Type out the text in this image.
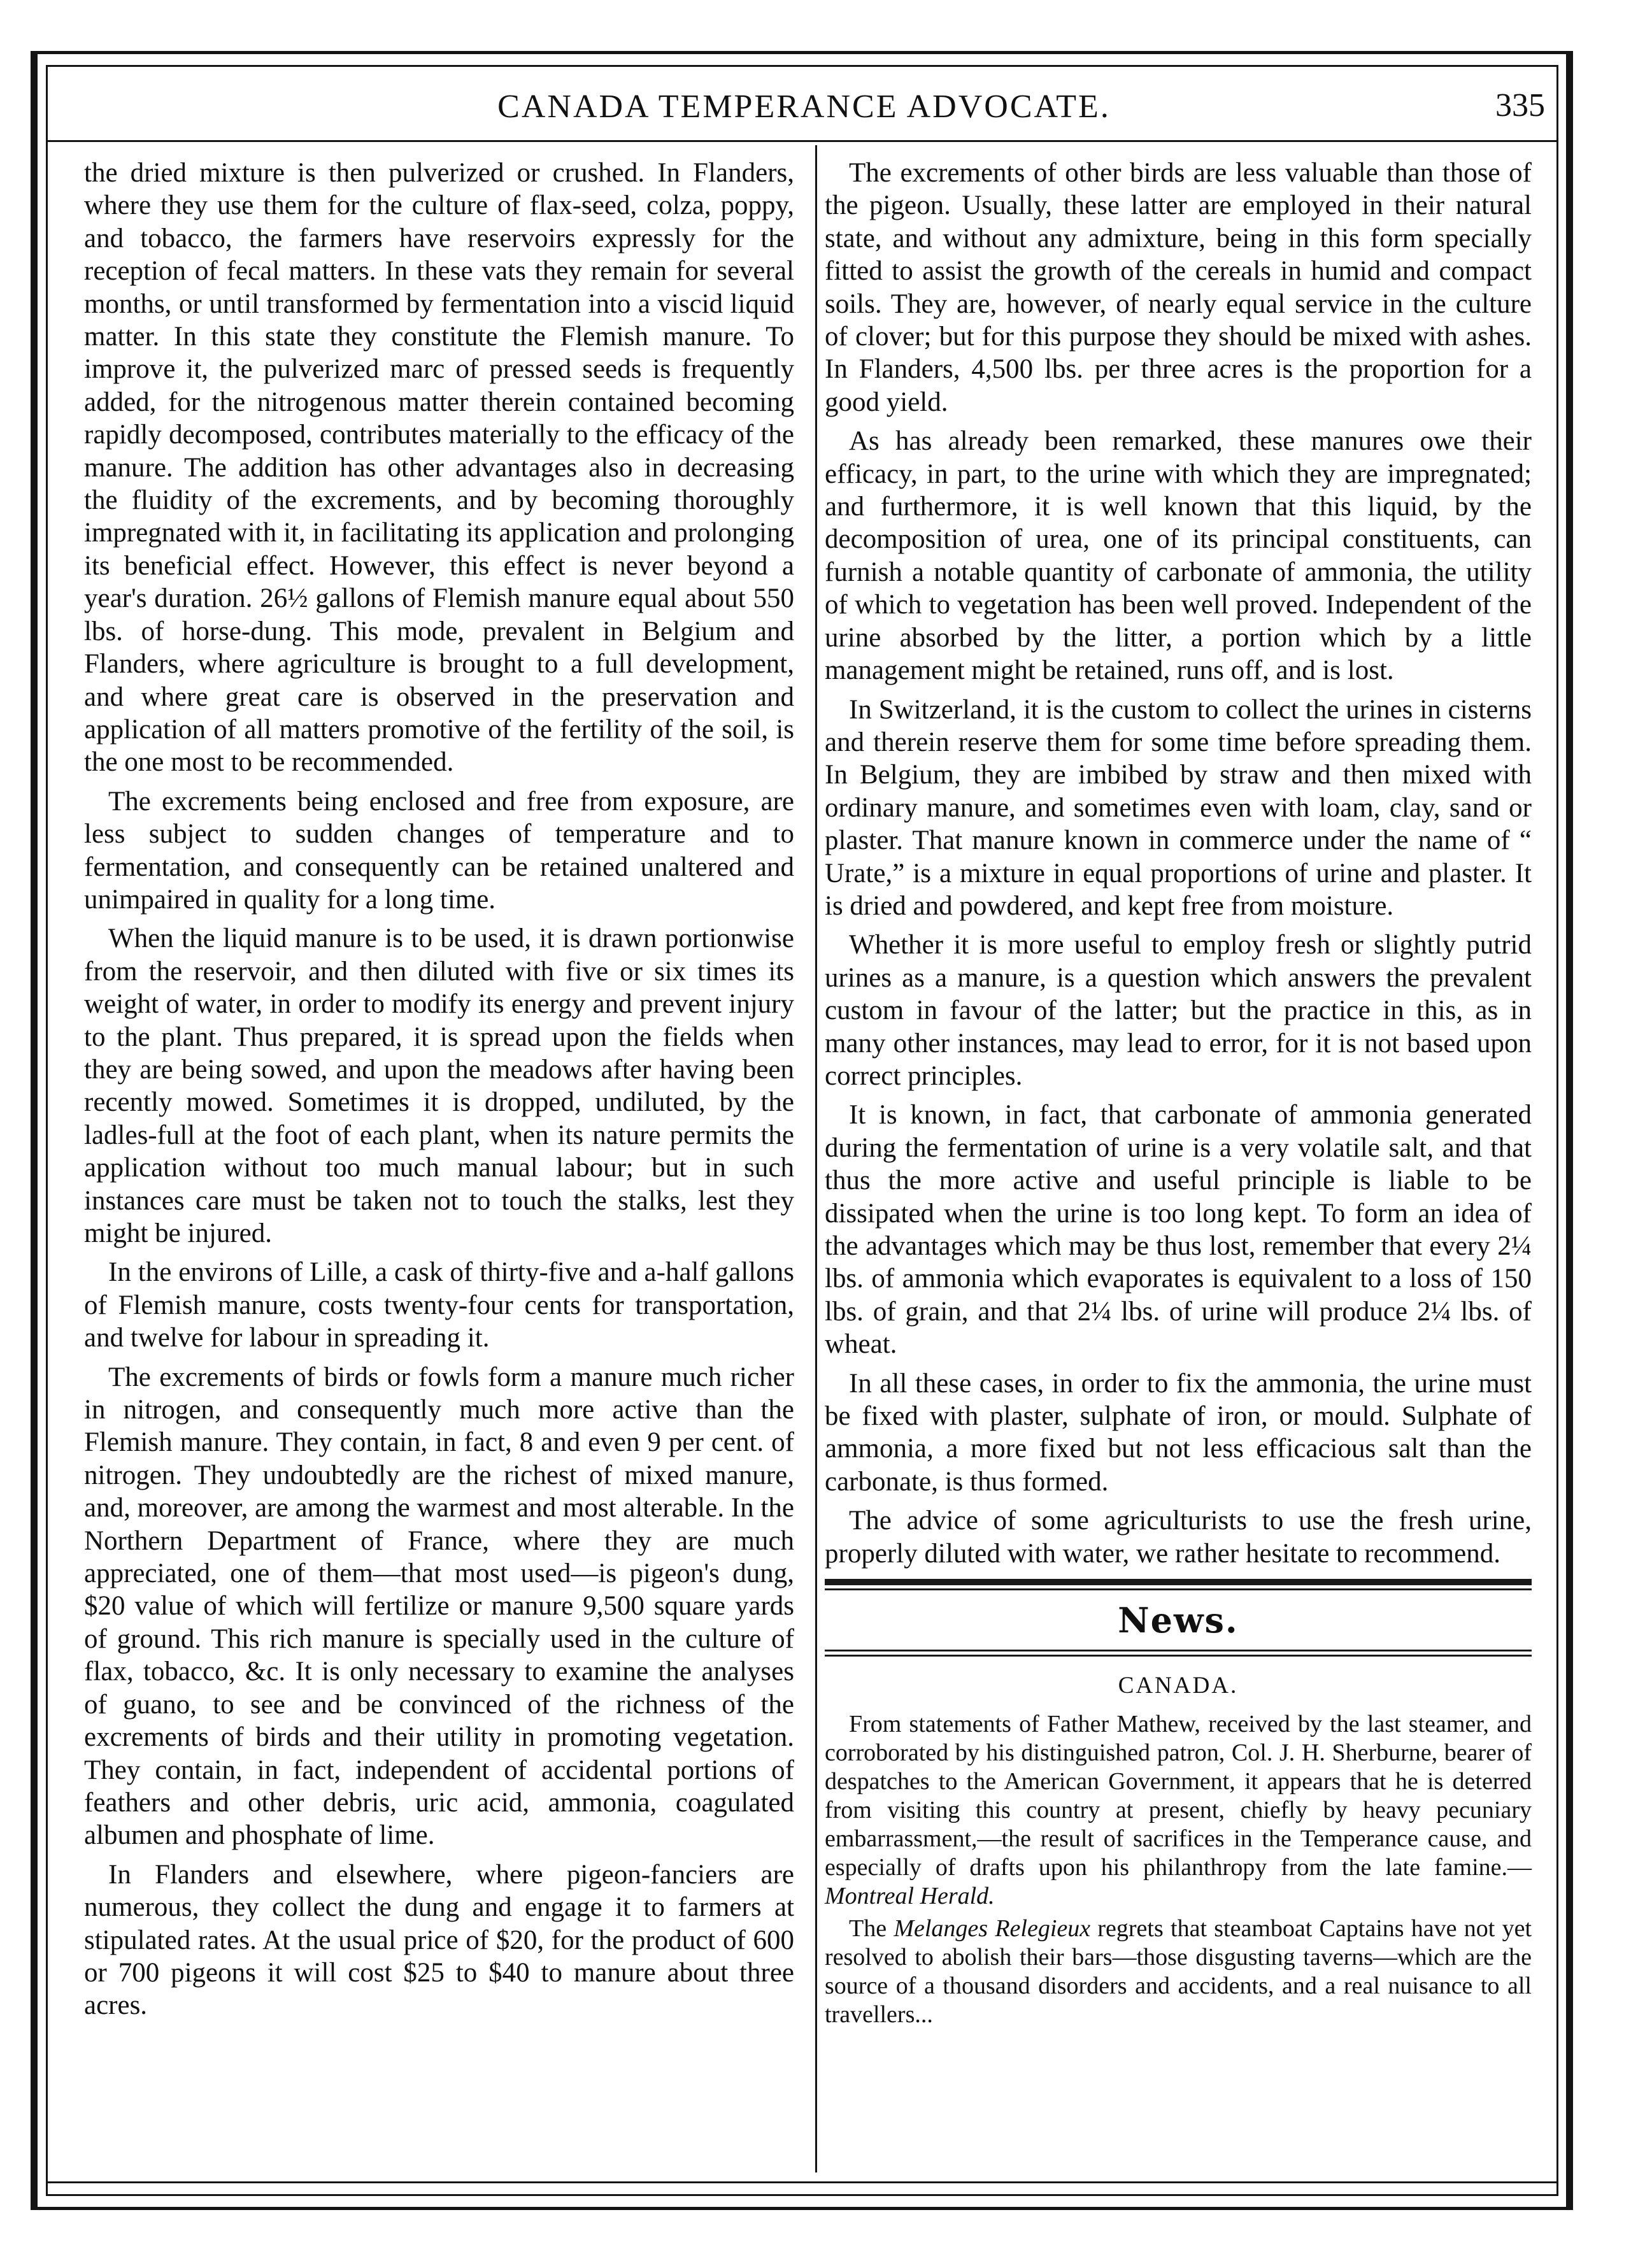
CANADA TEMPERANCE ADVOCATE.	335

the dried mixture is then pulverized or crushed. In Flanders, where they use them for the culture of flax-seed, colza, poppy, and tobacco, the farmers have reservoirs expressly for the reception of fecal matters. In these vats they remain for several months, or until transformed by fermentation into a viscid liquid matter. In this state they constitute the Flemish manure. To improve it, the pulverized marc of pressed seeds is frequently added, for the nitrogenous matter therein contained becoming rapidly decomposed, contributes materially to the efficacy of the manure. The addition has other advantages also in decreasing the fluidity of the excrements, and by becoming thoroughly impregnated with it, in facilitating its application and prolonging its beneficial effect. However, this effect is never beyond a year's duration. 26½ gallons of Flemish manure equal about 550 lbs. of horse-dung. This mode, prevalent in Belgium and Flanders, where agriculture is brought to a full development, and where great care is observed in the preservation and application of all matters promotive of the fertility of the soil, is the one most to be recommended.

The excrements being enclosed and free from exposure, are less subject to sudden changes of temperature and to fermentation, and consequently can be retained unaltered and unimpaired in quality for a long time.

When the liquid manure is to be used, it is drawn portionwise from the reservoir, and then diluted with five or six times its weight of water, in order to modify its energy and prevent injury to the plant. Thus prepared, it is spread upon the fields when they are being sowed, and upon the meadows after having been recently mowed. Sometimes it is dropped, undiluted, by the ladles-full at the foot of each plant, when its nature permits the application without too much manual labour; but in such instances care must be taken not to touch the stalks, lest they might be injured.

In the environs of Lille, a cask of thirty-five and a-half gallons of Flemish manure, costs twenty-four cents for transportation, and twelve for labour in spreading it.

The excrements of birds or fowls form a manure much richer in nitrogen, and consequently much more active than the Flemish manure. They contain, in fact, 8 and even 9 per cent. of nitrogen. They undoubtedly are the richest of mixed manure, and, moreover, are among the warmest and most alterable. In the Northern Department of France, where they are much appreciated, one of them—that most used—is pigeon's dung, $20 value of which will fertilize or manure 9,500 square yards of ground. This rich manure is specially used in the culture of flax, tobacco, &c. It is only necessary to examine the analyses of guano, to see and be convinced of the richness of the excrements of birds and their utility in promoting vegetation. They contain, in fact, independent of accidental portions of feathers and other debris, uric acid, ammonia, coagulated albumen and phosphate of lime.

In Flanders and elsewhere, where pigeon-fanciers are numerous, they collect the dung and engage it to farmers at stipulated rates. At the usual price of $20, for the product of 600 or 700 pigeons it will cost $25 to $40 to manure about three acres.

The excrements of other birds are less valuable than those of the pigeon. Usually, these latter are employed in their natural state, and without any admixture, being in this form specially fitted to assist the growth of the cereals in humid and compact soils. They are, however, of nearly equal service in the culture of clover; but for this purpose they should be mixed with ashes. In Flanders, 4,500 lbs. per three acres is the proportion for a good yield.

As has already been remarked, these manures owe their efficacy, in part, to the urine with which they are impregnated; and furthermore, it is well known that this liquid, by the decomposition of urea, one of its principal constituents, can furnish a notable quantity of carbonate of ammonia, the utility of which to vegetation has been well proved. Independent of the urine absorbed by the litter, a portion which by a little management might be retained, runs off, and is lost.

In Switzerland, it is the custom to collect the urines in cisterns and therein reserve them for some time before spreading them. In Belgium, they are imbibed by straw and then mixed with ordinary manure, and sometimes even with loam, clay, sand or plaster. That manure known in commerce under the name of “ Urate,” is a mixture in equal proportions of urine and plaster. It is dried and powdered, and kept free from moisture.

Whether it is more useful to employ fresh or slightly putrid urines as a manure, is a question which answers the prevalent custom in favour of the latter; but the practice in this, as in many other instances, may lead to error, for it is not based upon correct principles.

It is known, in fact, that carbonate of ammonia generated during the fermentation of urine is a very volatile salt, and that thus the more active and useful principle is liable to be dissipated when the urine is too long kept. To form an idea of the advantages which may be thus lost, remember that every 2¼ lbs. of ammonia which evaporates is equivalent to a loss of 150 lbs. of grain, and that 2¼ lbs. of urine will produce 2¼ lbs. of wheat.

In all these cases, in order to fix the ammonia, the urine must be fixed with plaster, sulphate of iron, or mould. Sulphate of ammonia, a more fixed but not less efficacious salt than the carbonate, is thus formed.

The advice of some agriculturists to use the fresh urine, properly diluted with water, we rather hesitate to recommend.

News.
CANADA.

From statements of Father Mathew, received by the last steamer, and corroborated by his distinguished patron, Col. J. H. Sherburne, bearer of despatches to the American Government, it appears that he is deterred from visiting this country at present, chiefly by heavy pecuniary embarrassment,—the result of sacrifices in the Temperance cause, and especially of drafts upon his philanthropy from the late famine.—Montreal Herald.

The Melanges Relegieux regrets that steamboat Captains have not yet resolved to abolish their bars—those disgusting taverns—which are the source of a thousand disorders and accidents, and a real nuisance to all travellers...
